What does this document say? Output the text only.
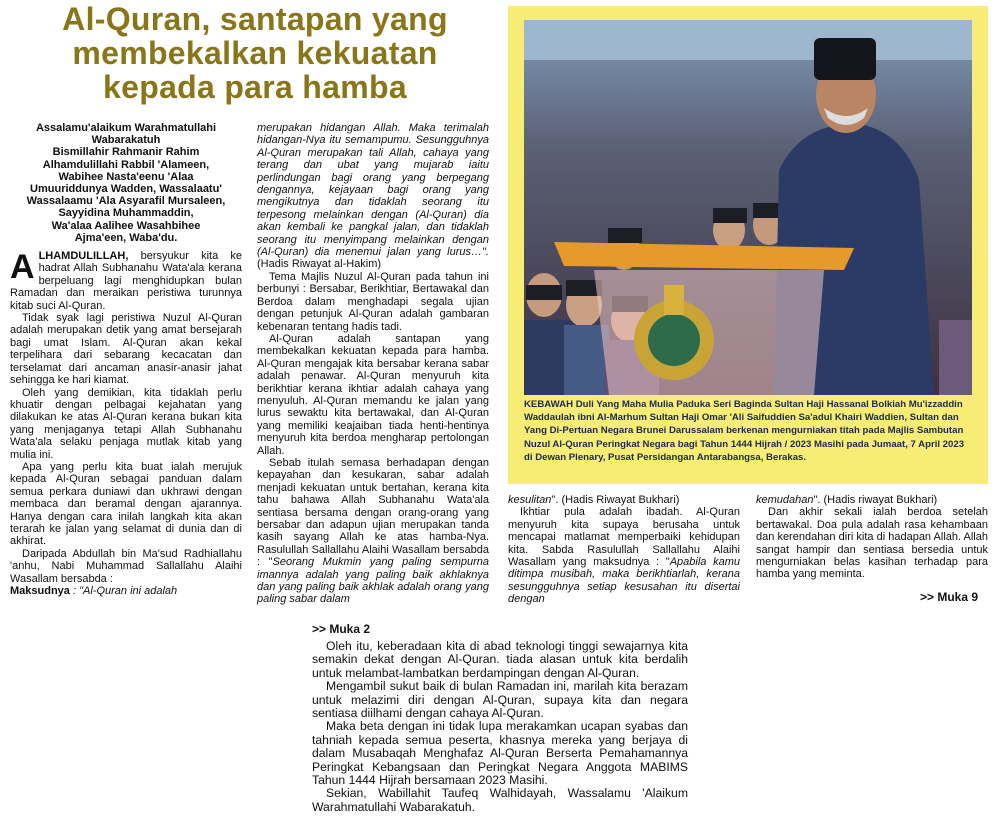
Al-Quran, santapan yang
membekalkan kekuatan
kepada para hamba
KEBAWAH Duli Yang Maha Mulia Paduka Seri Baginda Sultan Haji Hassanal Bolkiah Mu'izzaddin Waddaulah ibni Al-Marhum Sultan Haji Omar 'Ali Saifuddien Sa'adul Khairi Waddien, Sultan dan Yang Di-Pertuan Negara Brunei Darussalam berkenan mengurniakan titah pada Majlis Sambutan Nuzul Al-Quran Peringkat Negara bagi Tahun 1444 Hijrah / 2023 Masihi pada Jumaat, 7 April 2023 di Dewan Plenary, Pusat Persidangan Antarabangsa, Berakas.
Assalamu'alaikum Warahmatullahi
Wabarakatuh
Bismillahir Rahmanir Rahim
Alhamdulillahi Rabbil 'Alameen,
Wabihee Nasta'eenu 'Alaa
Umuuriddunya Wadden, Wassalaatu'
Wassalaamu 'Ala Asyarafil Mursaleen,
Sayyidina Muhammaddin,
Wa'alaa Aalihee Wasahbihee
Ajma'een, Waba'du.

ALHAMDULILLAH, bersyukur kita ke hadrat Allah Subhanahu Wata'ala kerana berpeluang lagi menghidupkan bulan Ramadan dan meraikan peristiwa turunnya kitab suci Al-Quran.

Tidak syak lagi peristiwa Nuzul Al-Quran adalah merupakan detik yang amat bersejarah bagi umat Islam. Al-Quran akan kekal terpelihara dari sebarang kecacatan dan terselamat dari ancaman anasir-anasir jahat sehingga ke hari kiamat.

Oleh yang demikian, kita tidaklah perlu khuatir dengan pelbagai kejahatan yang dilakukan ke atas Al-Quran kerana bukan kita yang menjaganya tetapi Allah Subhanahu Wata'ala selaku penjaga mutlak kitab yang mulia ini.

Apa yang perlu kita buat ialah merujuk kepada Al-Quran sebagai panduan dalam semua perkara duniawi dan ukhrawi dengan membaca dan beramal dengan ajarannya. Hanya dengan cara inilah langkah kita akan terarah ke jalan yang selamat di dunia dan di akhirat.

Daripada Abdullah bin Ma'sud Radhiallahu 'anhu, Nabi Muhammad Sallallahu Alaihi Wasallam bersabda :

Maksudnya : "Al-Quran ini adalah

merupakan hidangan Allah. Maka terimalah hidangan-Nya itu semampumu. Sesungguhnya Al-Quran merupakan tali Allah, cahaya yang terang dan ubat yang mujarab iaitu perlindungan bagi orang yang berpegang dengannya, kejayaan bagi orang yang mengikutnya dan tidaklah seorang itu terpesong melainkan dengan (Al-Quran) dia akan kembali ke pangkal jalan, dan tidaklah seorang itu menyimpang melainkan dengan (Al-Quran) dia menemui jalan yang lurus…". (Hadis Riwayat al-Hakim)

Tema Majlis Nuzul Al-Quran pada tahun ini berbunyi : Bersabar, Berikhtiar, Bertawakal dan Berdoa dalam menghadapi segala ujian dengan petunjuk Al-Quran adalah gambaran kebenaran tentang hadis tadi.

Al-Quran adalah santapan yang membekalkan kekuatan kepada para hamba. Al-Quran mengajak kita bersabar kerana sabar adalah penawar. Al-Quran menyuruh kita berikhtiar kerana ikhtiar adalah cahaya yang menyuluh. Al-Quran memandu ke jalan yang lurus sewaktu kita bertawakal, dan Al-Quran yang memiliki keajaiban tiada henti-hentinya menyuruh kita berdoa mengharap pertolongan Allah.

Sebab itulah semasa berhadapan dengan kepayahan dan kesukaran, sabar adalah menjadi kekuatan untuk bertahan, kerana kita tahu bahawa Allah Subhanahu Wata'ala sentiasa bersama dengan orang-orang yang bersabar dan adapun ujian merupakan tanda kasih sayang Allah ke atas hamba-Nya. Rasulullah Sallallahu Alaihi Wasallam bersabda : "Seorang Mukmin yang paling sempurna imannya adalah yang paling baik akhlaknya dan yang paling baik akhlak adalah orang yang paling sabar dalam

kesulitan". (Hadis Riwayat Bukhari)

Ikhtiar pula adalah ibadah. Al-Quran menyuruh kita supaya berusaha untuk mencapai matlamat memperbaiki kehidupan kita. Sabda Rasulullah Sallallahu Alaihi Wasallam yang maksudnya : "Apabila kamu ditimpa musibah, maka berikhtiarlah, kerana sesungguhnya setiap kesusahan itu disertai dengan

kemudahan". (Hadis riwayat Bukhari)

Dan akhir sekali ialah berdoa setelah bertawakal. Doa pula adalah rasa kehambaan dan kerendahan diri kita di hadapan Allah. Allah sangat hampir dan sentiasa bersedia untuk mengurniakan belas kasihan terhadap para hamba yang meminta.

>> Muka 9
>> Muka 2

Oleh itu, keberadaan kita di abad teknologi tinggi sewajarnya kita semakin dekat dengan Al-Quran. tiada alasan untuk kita berdalih untuk melambat-lambatkan berdampingan dengan Al-Quran.

Mengambil sukut baik di bulan Ramadan ini, marilah kita berazam untuk melazimi diri dengan Al-Quran, supaya kita dan negara sentiasa diilhami dengan cahaya Al-Quran.

Maka beta dengan ini tidak lupa merakamkan ucapan syabas dan tahniah kepada semua peserta, khasnya mereka yang berjaya di dalam Musabaqah Menghafaz Al-Quran Berserta Pemahamannya Peringkat Kebangsaan dan Peringkat Negara Anggota MABIMS Tahun 1444 Hijrah bersamaan 2023 Masihi.

Sekian, Wabillahit Taufeq Walhidayah, Wassalamu 'Alaikum Warahmatullahi Wabarakatuh.
